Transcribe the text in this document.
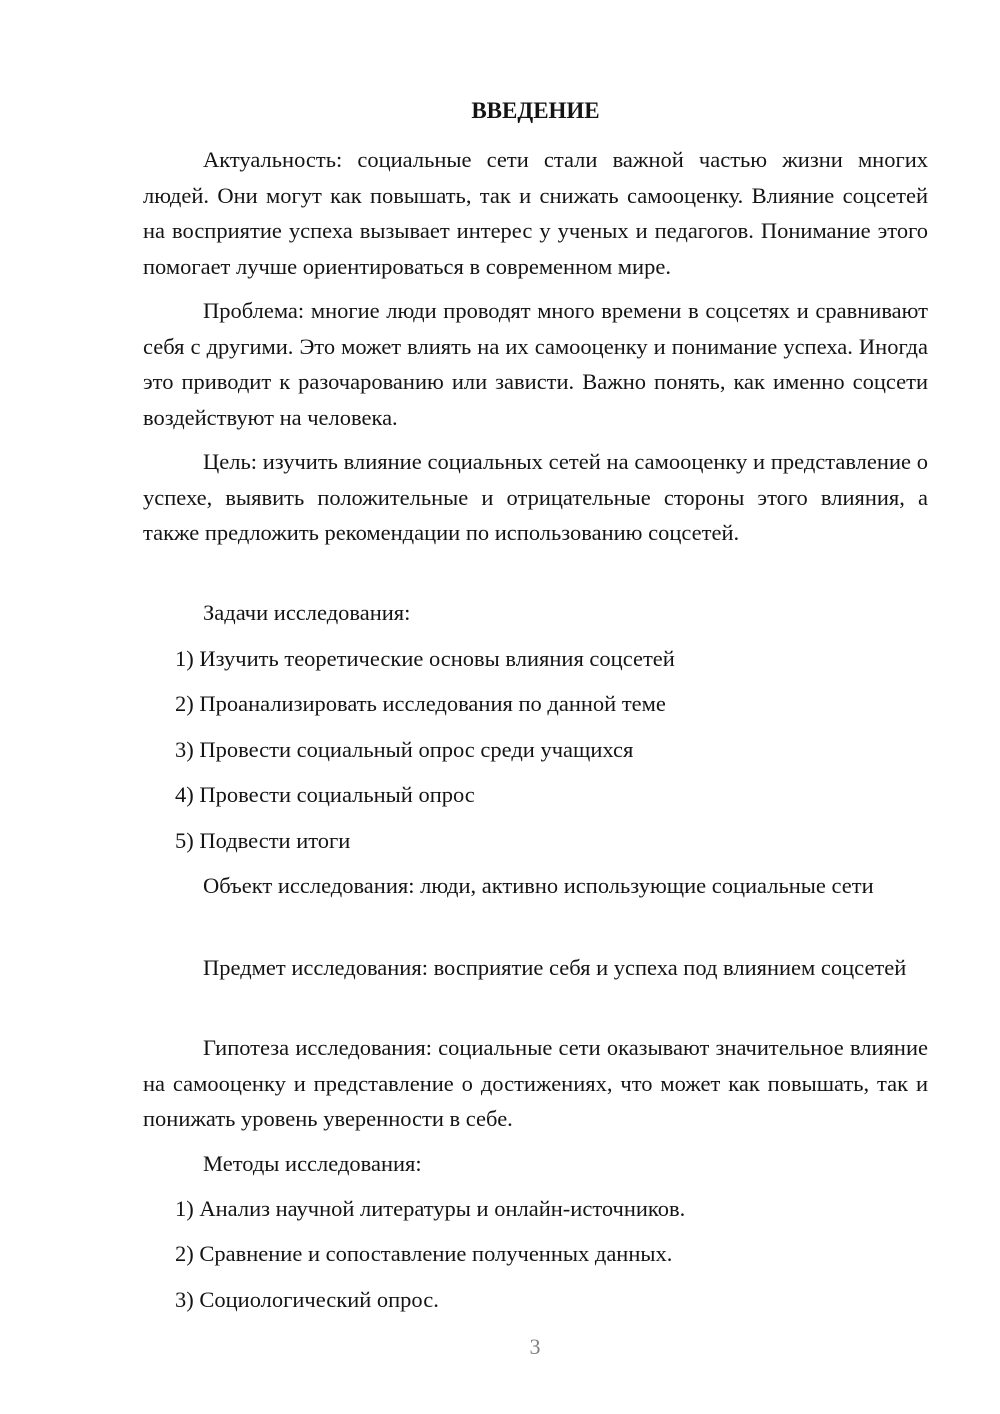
ВВЕДЕНИЕ

Актуальность: социальные сети стали важной частью жизни многих людей. Они могут как повышать, так и снижать самооценку. Влияние соцсетей на восприятие успеха вызывает интерес у ученых и педагогов. Понимание этого помогает лучше ориентироваться в современном мире.

Проблема: многие люди проводят много времени в соцсетях и сравнивают себя с другими. Это может влиять на их самооценку и понимание успеха. Иногда это приводит к разочарованию или зависти. Важно понять, как именно соцсети воздействуют на человека.

Цель: изучить влияние социальных сетей на самооценку и представление о успехе, выявить положительные и отрицательные стороны этого влияния, а также предложить рекомендации по использованию соцсетей.

Задачи исследования:

1) Изучить теоретические основы влияния соцсетей

2) Проанализировать исследования по данной теме

3) Провести социальный опрос среди учащихся

4) Провести социальный опрос

5) Подвести итоги

Объект исследования: люди, активно использующие социальные сети

Предмет исследования: восприятие себя и успеха под влиянием соцсетей

Гипотеза исследования: социальные сети оказывают значительное влияние на самооценку и представление о достижениях, что может как повышать, так и понижать уровень уверенности в себе.

Методы исследования:

1) Анализ научной литературы и онлайн-источников.

2) Сравнение и сопоставление полученных данных.

3) Социологический опрос.

3
